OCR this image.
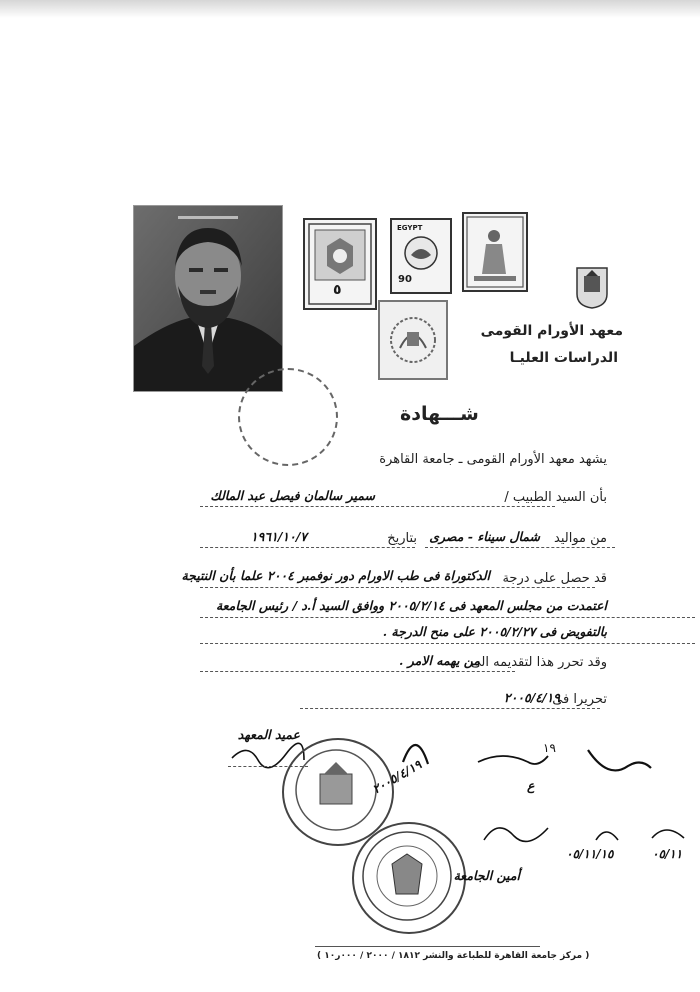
٥
EGYPT
90
معهد الأورام القومى
الدراسات العليـا
شـــهادة
يشهد معهد الأورام القومى ـ جامعة القاهرة
بأن السيد الطبيب /
سمير سالمان فيصل عبد المالك
من مواليد
شمال سيناء - مصرى
بتاريخ
١٩٦١/١٠/٧
قد حصل على درجة
الدكتوراة فى طب الاورام دور نوفمبر ٢٠٠٤ علما بأن النتيجة
اعتمدت من مجلس المعهد فى ٢٠٠٥/٢/١٤ ووافق السيد أ.د / رئيس الجامعة
بالتفويض فى ٢٠٠٥/٢/٢٧ على منح الدرجة .
وقد تحرر هذا لتقديمه الى
من يهمه الامر .
تحريرا فى
٢٠٠٥/٤/١٩
عميد المعهد
٢٠٠٥/٤/١٩
١٩
ع
أمين الجامعة
٠٥/١١/١٥	٠٥/١١
( مركز جامعة القاهرة للطباعة والنشر ١٨١٢ / ٢٠٠٠ / ٠٠٠ر١٠ )
